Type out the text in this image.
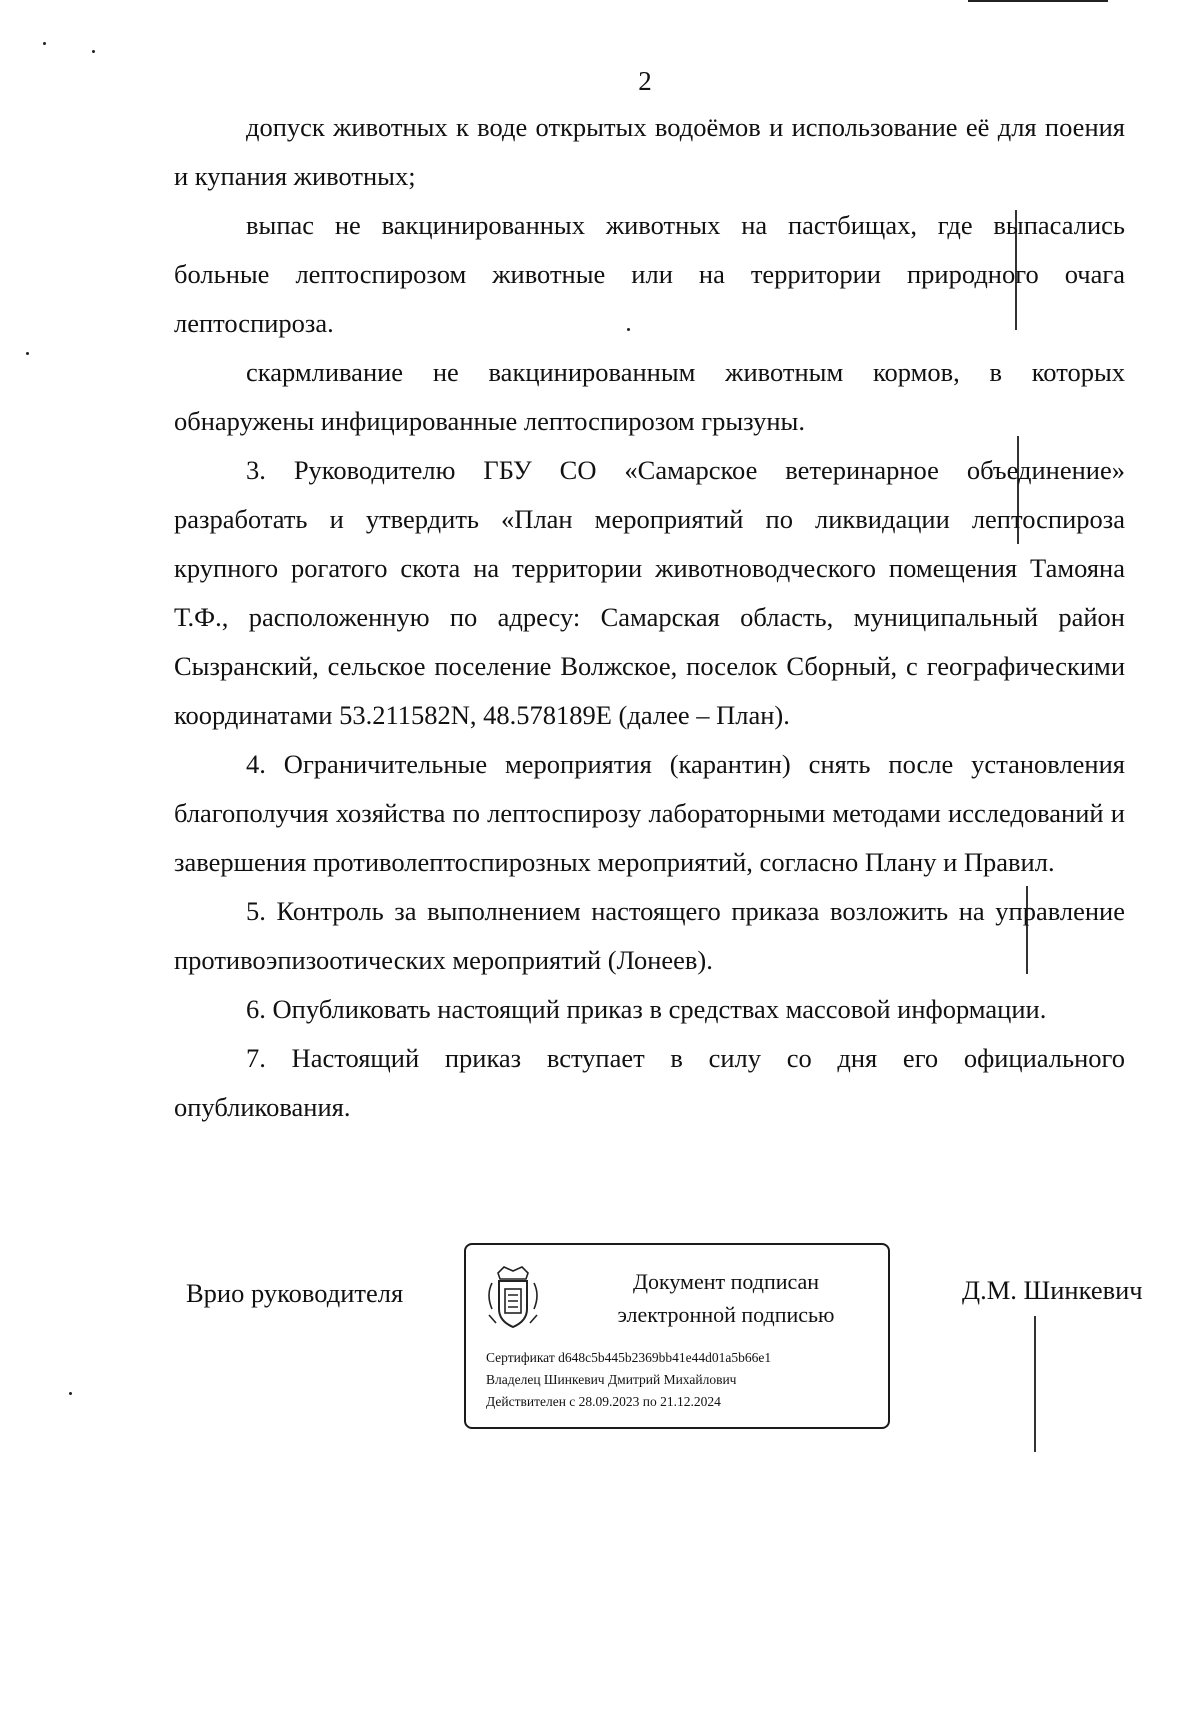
2

допуск животных к воде открытых водоёмов и использование её для поения и купания животных;

выпас не вакцинированных животных на пастбищах, где выпасались больные лептоспирозом животные или на территории природного очага лептоспироза.

скармливание не вакцинированным животным кормов, в которых обнаружены инфицированные лептоспирозом грызуны.

3. Руководителю ГБУ СО «Самарское ветеринарное объединение» разработать и утвердить «План мероприятий по ликвидации лептоспироза крупного рогатого скота на территории животноводческого помещения Тамояна Т.Ф., расположенную по адресу: Самарская область, муниципальный район Сызранский, сельское поселение Волжское, поселок Сборный, с географическими координатами 53.211582N, 48.578189E (далее – План).

4. Ограничительные мероприятия (карантин) снять после установления благополучия хозяйства по лептоспирозу лабораторными методами исследований и завершения противолептоспирозных мероприятий, согласно Плану и Правил.

5. Контроль за выполнением настоящего приказа возложить на управление противоэпизоотических мероприятий (Лонеев).

6. Опубликовать настоящий приказ в средствах массовой информации.

7. Настоящий приказ вступает в силу со дня его официального опубликования.

Врио руководителя	Документ подписан
электронной подписью
Сертификат d648c5b445b2369bb41e44d01a5b66e1
Владелец Шинкевич Дмитрий Михайлович
Действителен с 28.09.2023 по 21.12.2024
Д.М. Шинкевич
